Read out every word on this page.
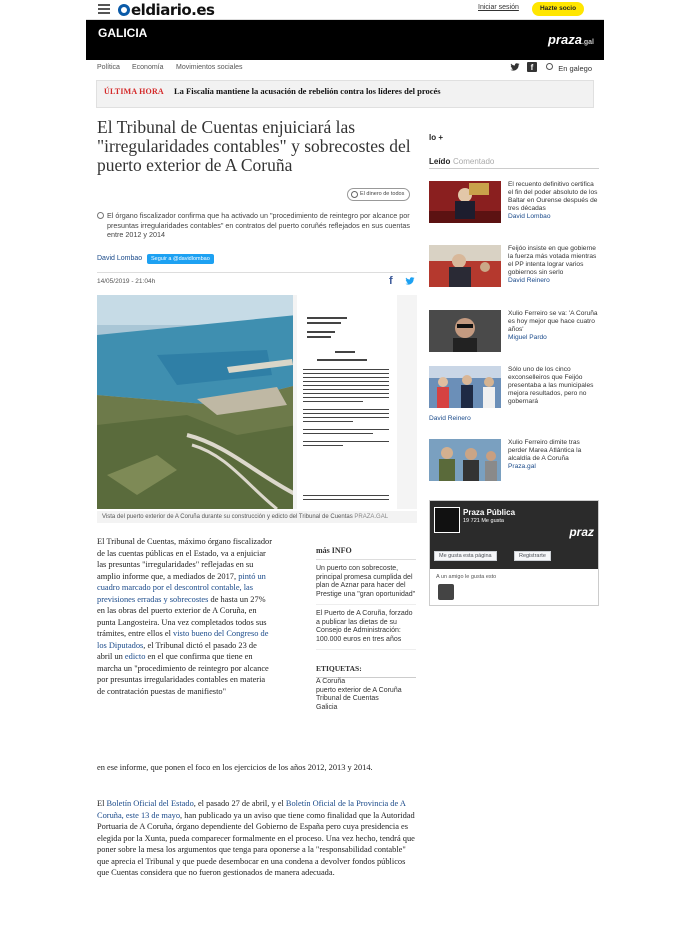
eldiario.es	Iniciar sesión	Hazte socio
GALICIA	praza.gal
Política Economía Movimientos sociales	f	En galego
ÚLTIMA HORA La Fiscalía mantiene la acusación de rebelión contra los líderes del procés
El Tribunal de Cuentas enjuiciará las "irregularidades contables" y sobrecostes del puerto exterior de A Coruña
El dinero de todos
El órgano fiscalizador confirma que ha activado un "procedimiento de reintegro por alcance por presuntas irregularidades contables" en contratos del puerto coruñés reflejados en sus cuentas entre 2012 y 2014
David Lombao	Seguir a @davidlombao
14/05/2019 - 21:04h	f
Vista del puerto exterior de A Coruña durante su construcción y edicto del Tribunal de Cuentas PRAZA.GAL
El Tribunal de Cuentas, máximo órgano fiscalizador de las cuentas públicas en el Estado, va a enjuiciar las presuntas "irregularidades" reflejadas en su amplio informe que, a mediados de 2017, pintó un cuadro marcado por el descontrol contable, las previsiones erradas y sobrecostes de hasta un 27% en las obras del puerto exterior de A Coruña, en punta Langosteira. Una vez completados todos sus trámites, entre ellos el visto bueno del Congreso de los Diputados, el Tribunal dictó el pasado 23 de abril un edicto en el que confirma que tiene en marcha un "procedimiento de reintegro por alcance por presuntas irregularidades contables en materia de contratación puestas de manifiesto"
en ese informe, que ponen el foco en los ejercicios de los años 2012, 2013 y 2014.
El Boletín Oficial del Estado, el pasado 27 de abril, y el Boletín Oficial de la Provincia de A Coruña, este 13 de mayo, han publicado ya un aviso que tiene como finalidad que la Autoridad Portuaria de A Coruña, órgano dependiente del Gobierno de España pero cuya presidencia es elegida por la Xunta, pueda comparecer formalmente en el proceso. Una vez hecho, tendrá que poner sobre la mesa los argumentos que tenga para oponerse a la "responsabilidad contable" que aprecia el Tribunal y que puede desembocar en una condena a devolver fondos públicos que Cuentas considera que no fueron gestionados de manera adecuada.
más INFO
Un puerto con sobrecoste, principal promesa cumplida del plan de Aznar para hacer del Prestige una "gran oportunidad"
El Puerto de A Coruña, forzado a publicar las dietas de su Consejo de Administración: 100.000 euros en tres años
ETIQUETAS:
A Coruña
puerto exterior de A Coruña
Tribunal de Cuentas
Galicia
lo +
Leído Comentado
El recuento definitivo certifica el fin del poder absoluto de los Baltar en Ourense después de tres décadas
David Lombao
Feijóo insiste en que gobierne la fuerza más votada mientras el PP intenta lograr varios gobiernos sin serlo
David Reinero
Xulio Ferreiro se va: 'A Coruña es hoy mejor que hace cuatro años'
Miguel Pardo
Sólo uno de los cinco exconselleiros que Feijóo presentaba a las municipales mejora resultados, pero no gobernará
David Reinero
Xulio Ferreiro dimite tras perder Marea Atlántica la alcaldía de A Coruña
Praza.gal
Praza Pública
19 721 Me gusta
praz
Me gusta esta página	Registrarte
A un amigo le gusta esto
